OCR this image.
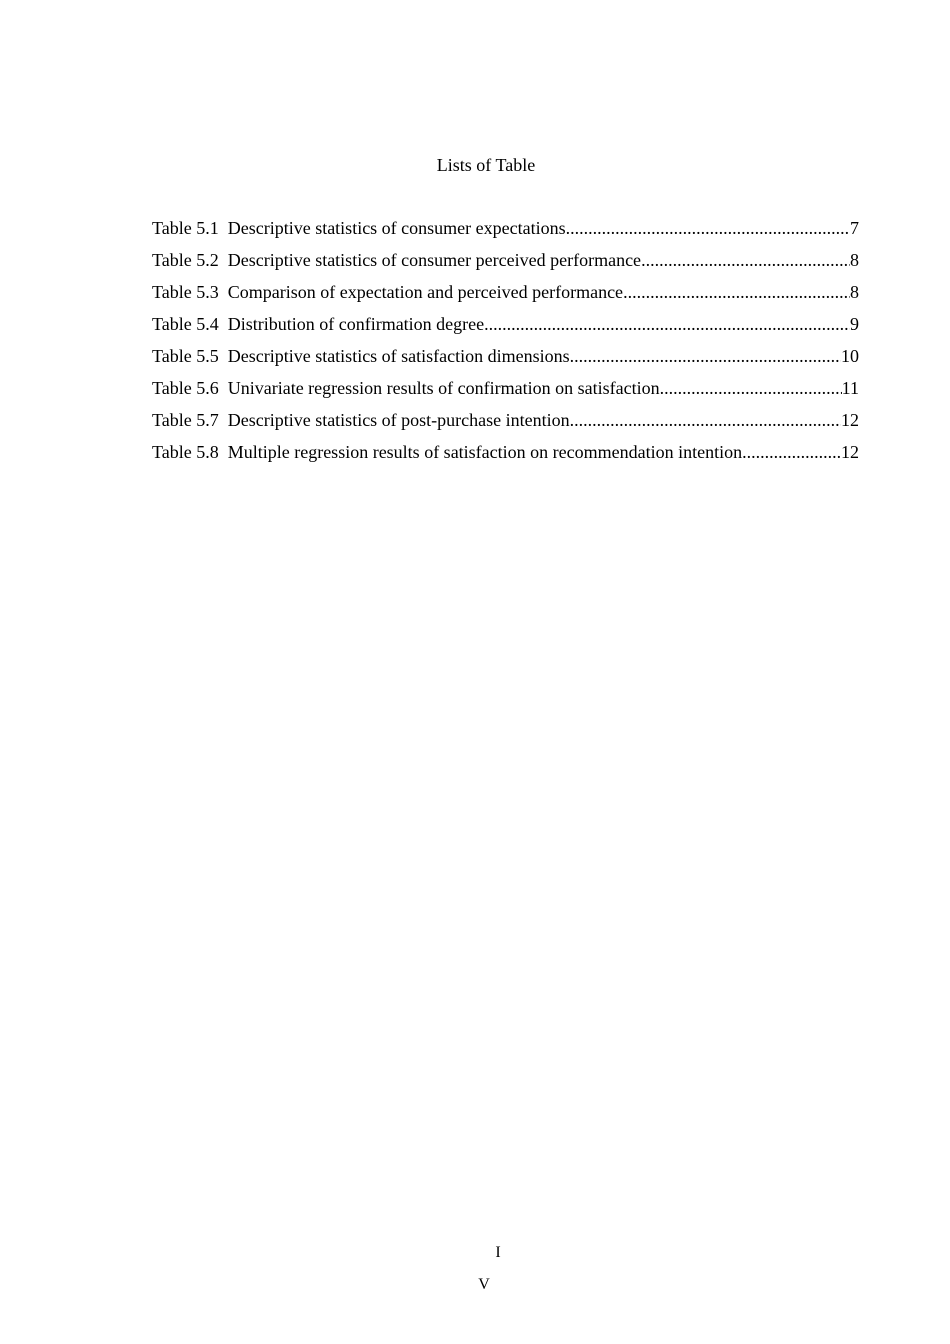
Lists of Table
Table 5.1 Descriptive statistics of consumer expectations .....	7
Table 5.2 Descriptive statistics of consumer perceived performance .....	8
Table 5.3 Comparison of expectation and perceived performance .....	8
Table 5.4 Distribution of confirmation degree .....	9
Table 5.5 Descriptive statistics of satisfaction dimensions .....	10
Table 5.6 Univariate regression results of confirmation on satisfaction .....	11
Table 5.7 Descriptive statistics of post-purchase intention .....	12
Table 5.8 Multiple regression results of satisfaction on recommendation intention .....	12
I
V
